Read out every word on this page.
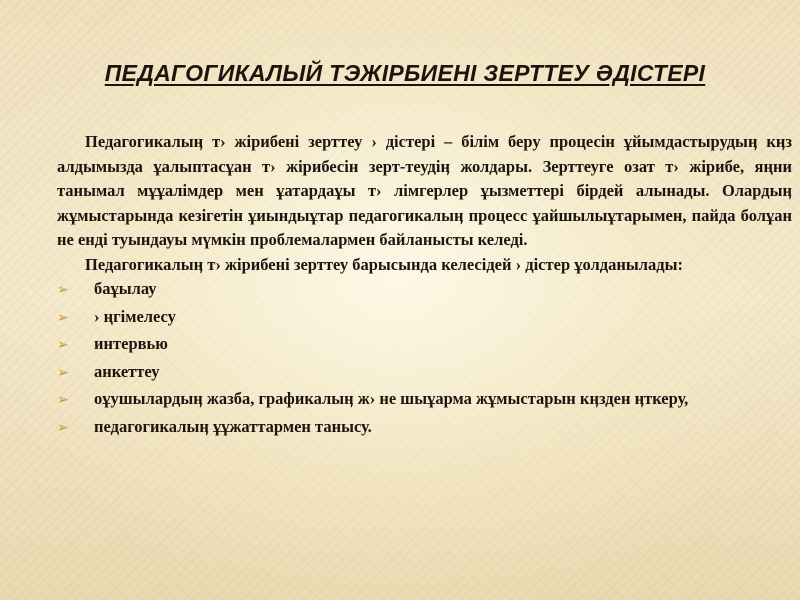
ПЕДАГОГИКАЛЫЙ ТЭЖІРБИЕНІ ЗЕРТТЕУ ӘДІСТЕРІ

Педагогикалыӊ т› жірибені зерттеу › дістері – білім беру процесін ұйымдастырудыӊ кӊз алдымызда ұалыптасұан т› жірибесін зерт-теудіӊ жолдары. Зерттеуге озат т› жірибе, яңни танымал мұұалімдер мен ұатардаұы т› лімгерлер ұызметтері бірдей алынады. Олардыӊ жұмыстарында кезігетін ұиындыұтар педагогикалыӊ процесс ұайшылыұтарымен, пайда болұан не енді туындауы мүмкін проблемалармен байланысты келеді.

Педагогикалыӊ т› жірибені зерттеу барысында келесідей › дістер ұолданылады:

➢ баұылау
➢ › ңгімелесу
➢ интервью
➢ анкеттеу
➢ оұушылардыӊ жазба, графикалыӊ ж› не шыұарма жұмыстарын кӊзден ӊткеру,
➢ педагогикалыӊ ұұжаттармен танысу.
